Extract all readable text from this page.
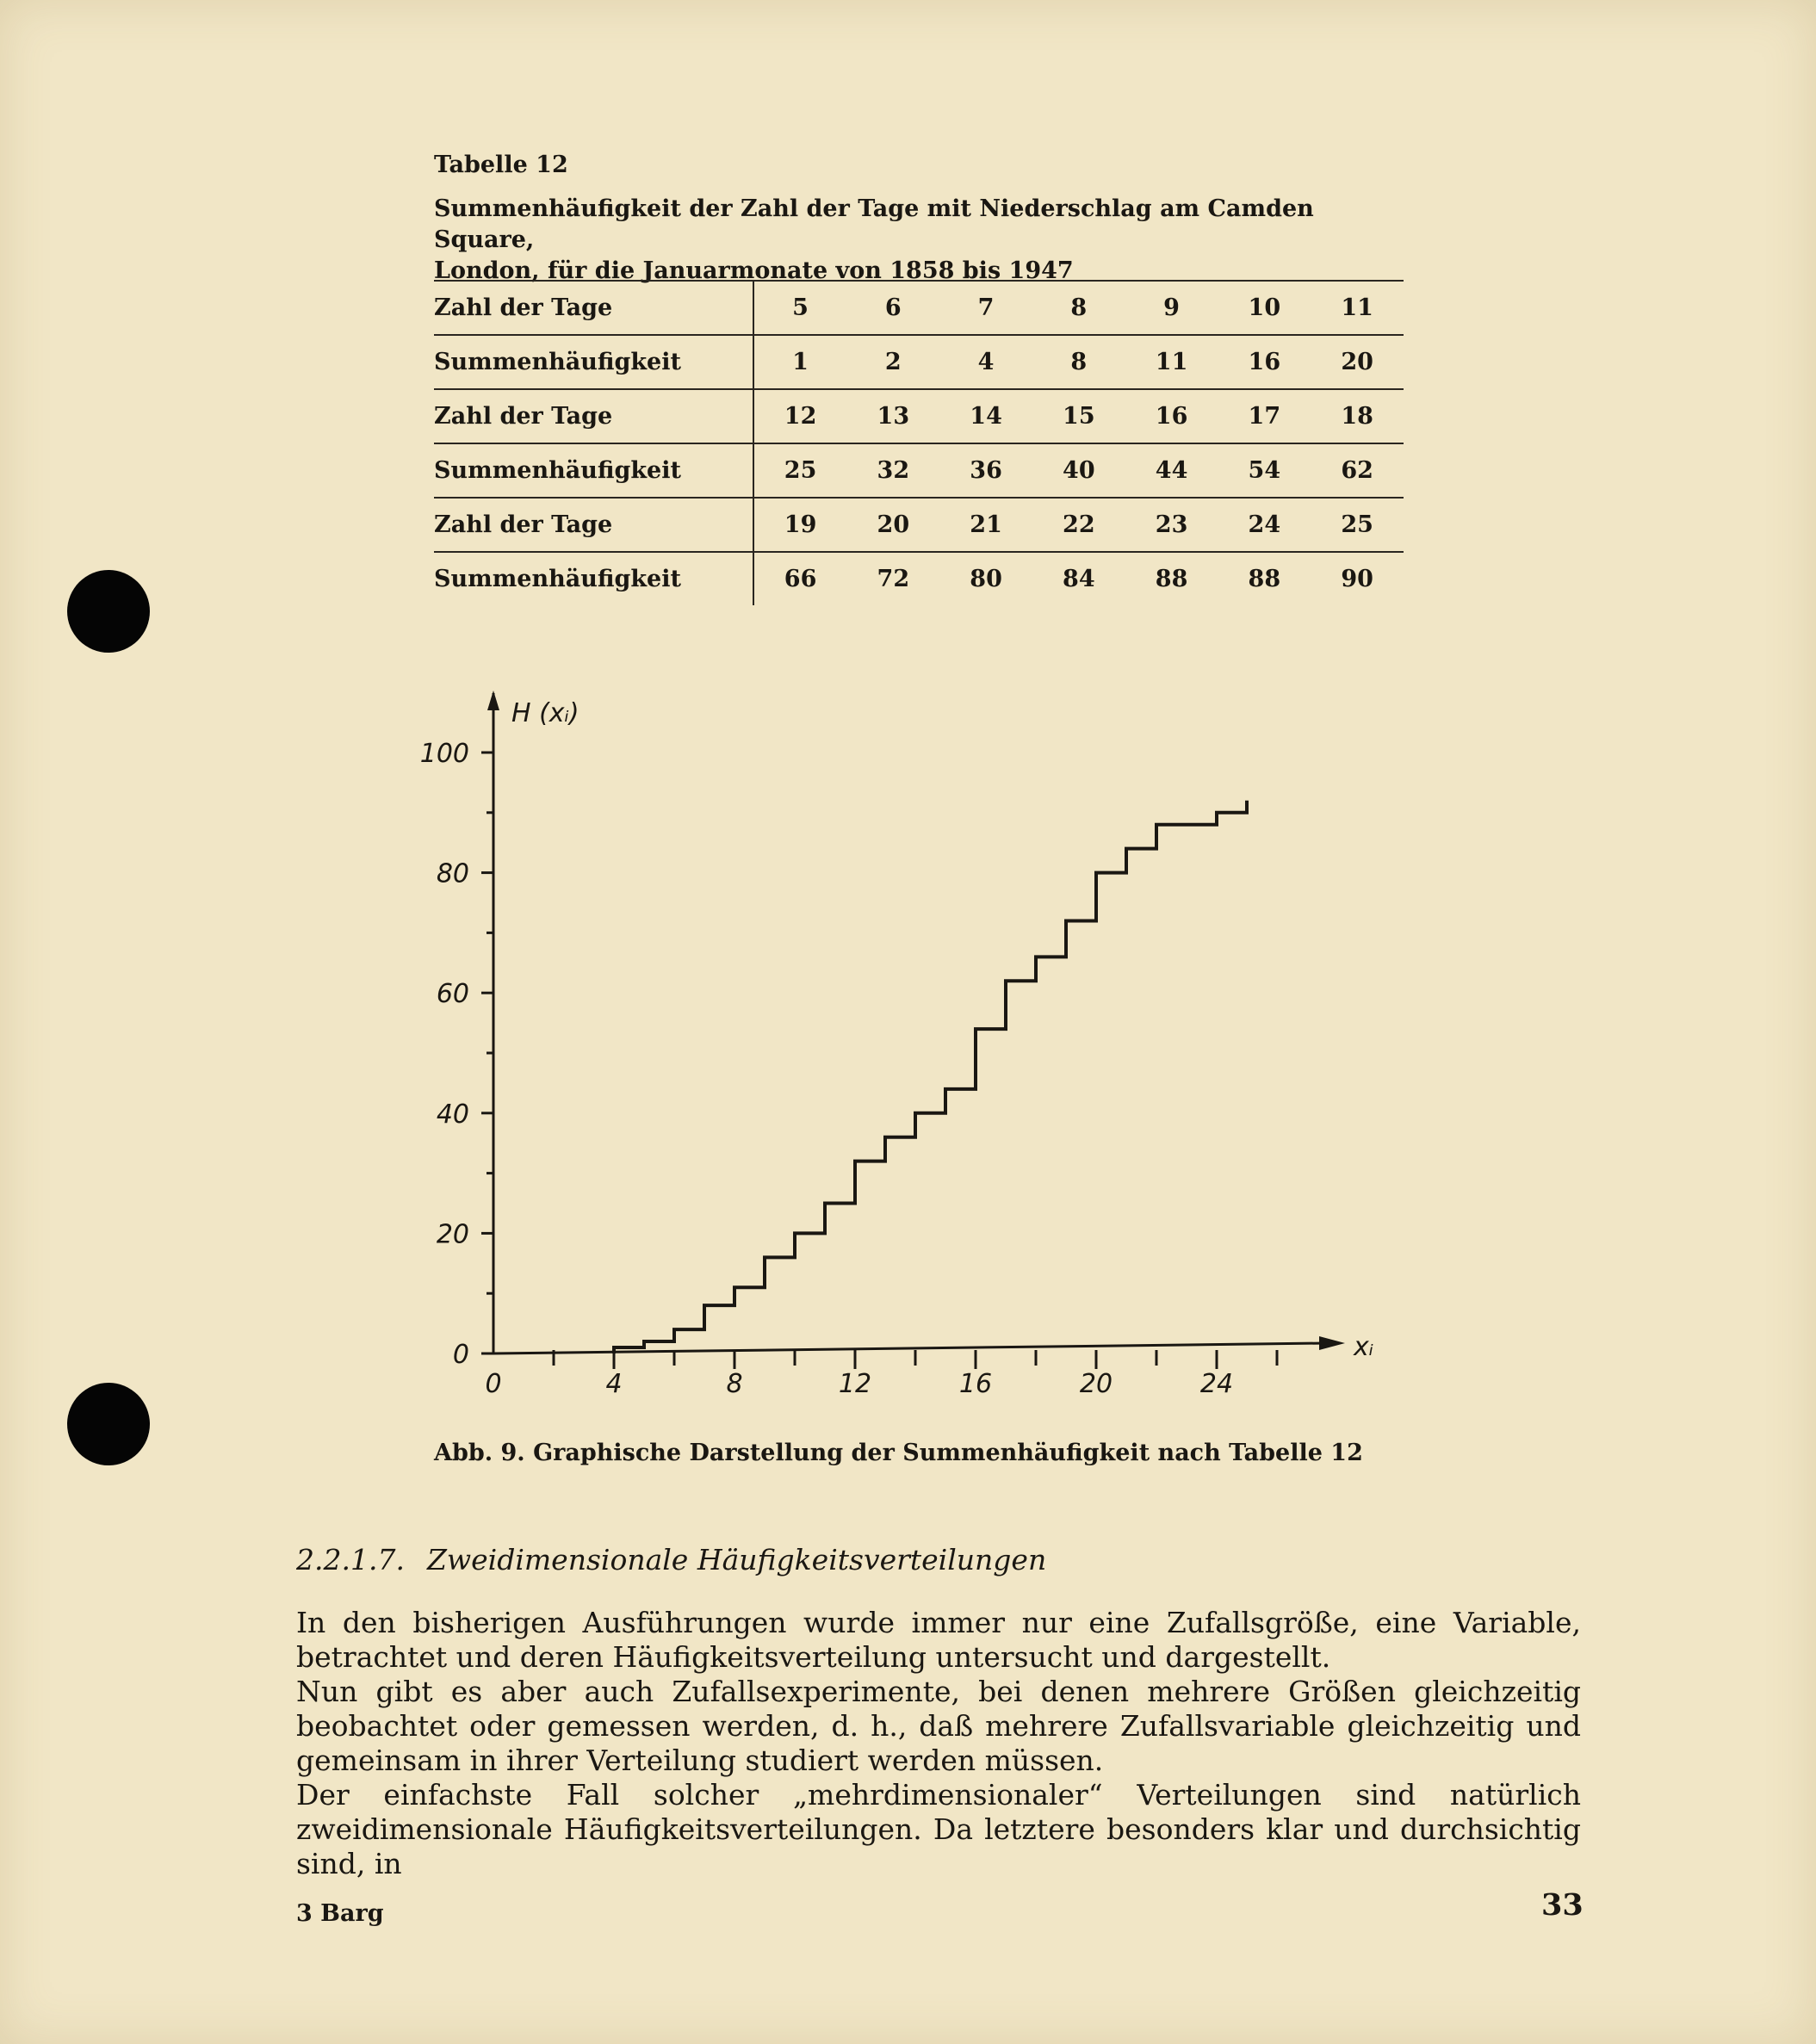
Tabelle 12
Summenhäufigkeit der Zahl der Tage mit Niederschlag am Camden Square,
London, für die Januarmonate von 1858 bis 1947
Zahl der Tage	5	6	7	8	9	10	11
Summenhäufigkeit	1	2	4	8	11	16	20
Zahl der Tage	12	13	14	15	16	17	18
Summenhäufigkeit	25	32	36	40	44	54	62
Zahl der Tage	19	20	21	22	23	24	25
Summenhäufigkeit	66	72	80	84	88	88	90
0
20
40
60
80
100
0	4	8	12	16	20	24
H (xᵢ)
xᵢ
Abb. 9. Graphische Darstellung der Summenhäufigkeit nach Tabelle 12
2.2.1.7. Zweidimensionale Häufigkeitsverteilungen

In den bisherigen Ausführungen wurde immer nur eine Zufallsgröße, eine Variable, betrachtet und deren Häufigkeitsverteilung untersucht und dargestellt.

Nun gibt es aber auch Zufallsexperimente, bei denen mehrere Größen gleichzeitig beobachtet oder gemessen werden, d. h., daß mehrere Zufallsvariable gleichzeitig und gemeinsam in ihrer Verteilung studiert werden müssen.

Der einfachste Fall solcher „mehrdimensionaler“ Verteilungen sind natürlich zweidimensionale Häufigkeitsverteilungen. Da letztere besonders klar und durchsichtig sind, in

3 Barg	33
